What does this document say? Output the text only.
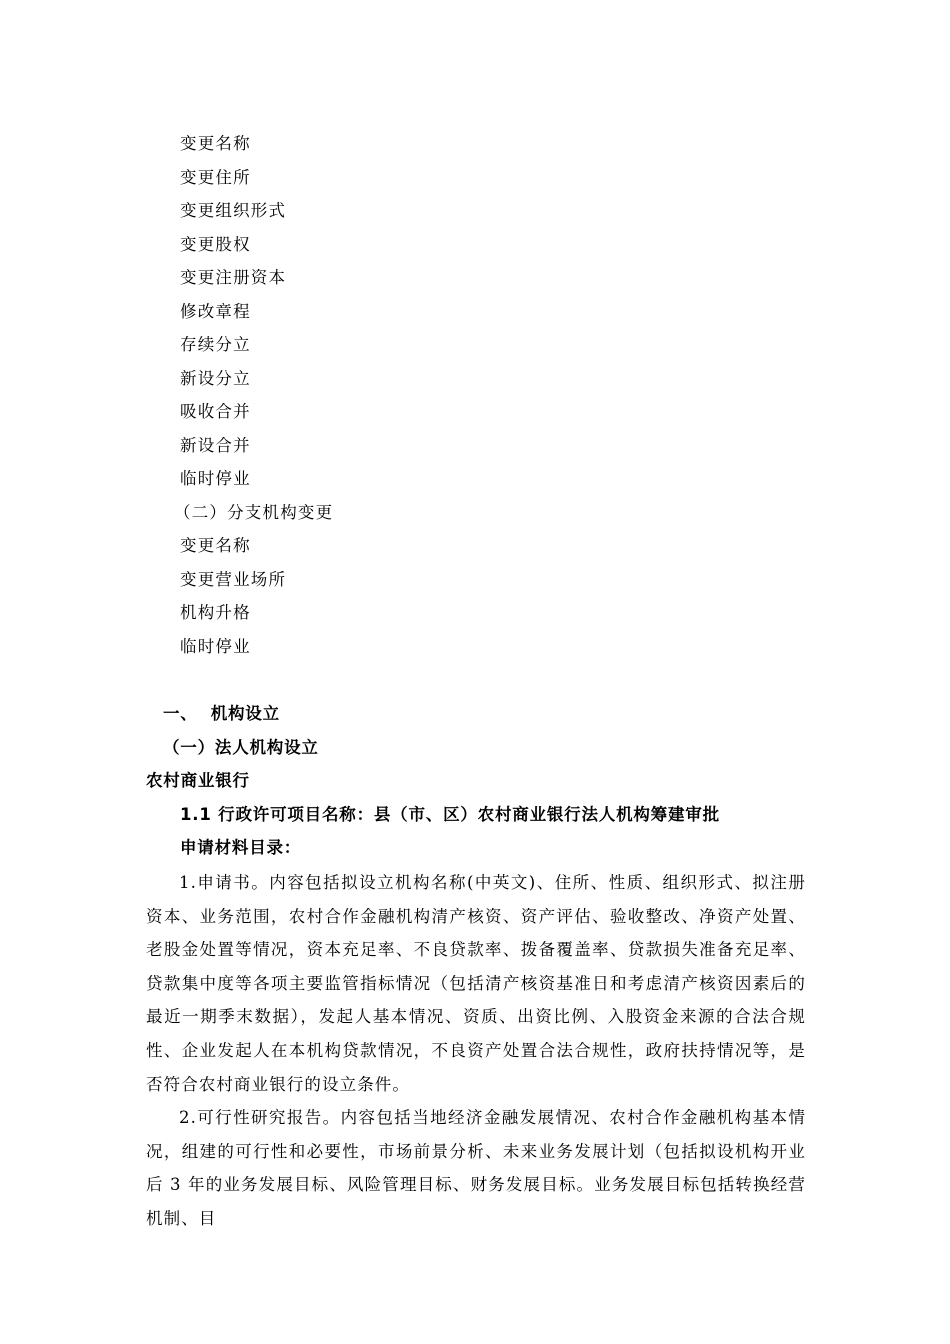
变更名称
变更住所
变更组织形式
变更股权
变更注册资本
修改章程
存续分立
新设分立
吸收合并
新设合并
临时停业
（二）分支机构变更
变更名称
变更营业场所
机构升格
临时停业
一、  机构设立
（一）法人机构设立
农村商业银行
1.1 行政许可项目名称：县（市、区）农村商业银行法人机构筹建审批
申请材料目录：
1.申请书。内容包括拟设立机构名称(中英文)、住所、性质、组织形式、拟注册资本、业务范围，农村合作金融机构清产核资、资产评估、验收整改、净资产处置、老股金处置等情况，资本充足率、不良贷款率、拨备覆盖率、贷款损失准备充足率、贷款集中度等各项主要监管指标情况（包括清产核资基准日和考虑清产核资因素后的最近一期季末数据），发起人基本情况、资质、出资比例、入股资金来源的合法合规性、企业发起人在本机构贷款情况，不良资产处置合法合规性，政府扶持情况等，是否符合农村商业银行的设立条件。
2.可行性研究报告。内容包括当地经济金融发展情况、农村合作金融机构基本情况，组建的可行性和必要性，市场前景分析、未来业务发展计划（包括拟设机构开业后 3 年的业务发展目标、风险管理目标、财务发展目标。业务发展目标包括转换经营机制、目
